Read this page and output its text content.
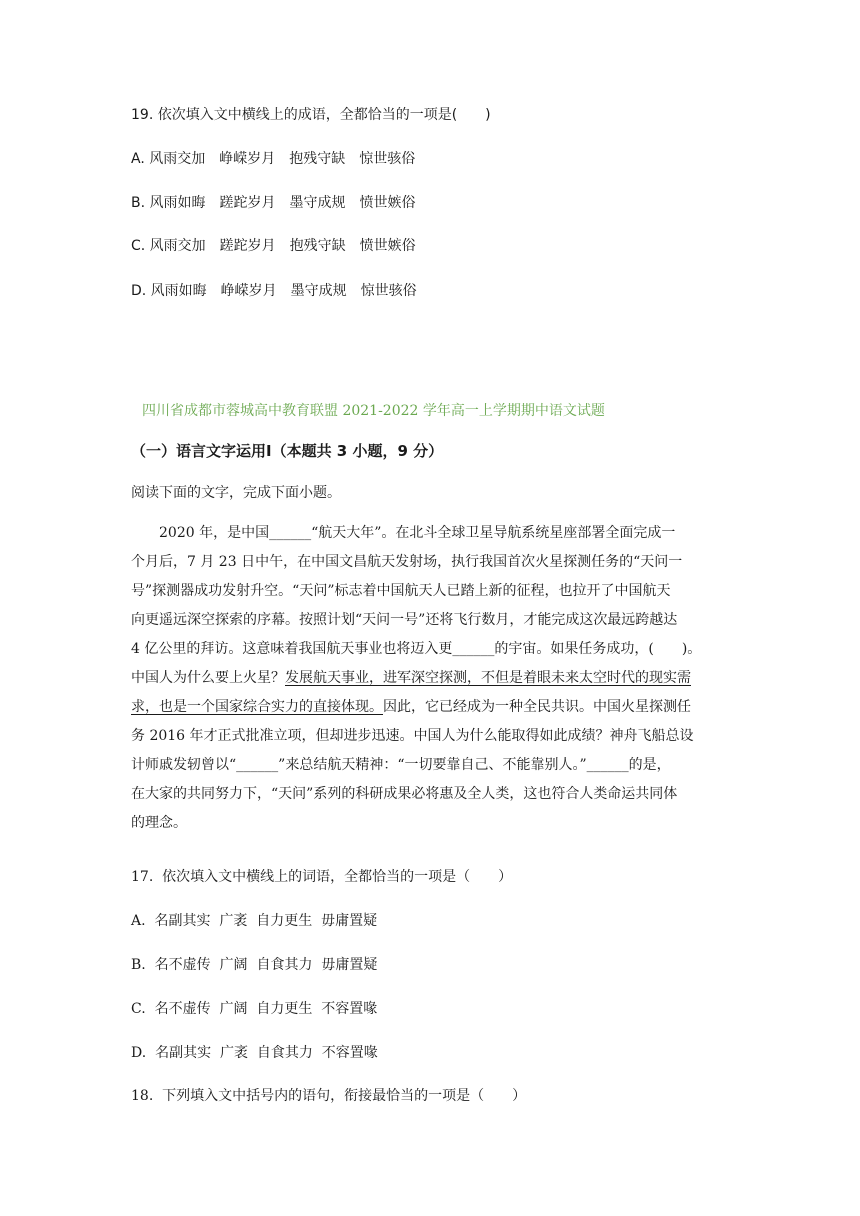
19. 依次填入文中横线上的成语，全都恰当的一项是(　　)
A. 风雨交加　峥嵘岁月　抱残守缺　惊世骇俗
B. 风雨如晦　蹉跎岁月　墨守成规　愤世嫉俗
C. 风雨交加　蹉跎岁月　抱残守缺　愤世嫉俗
D. 风雨如晦　峥嵘岁月　墨守成规　惊世骇俗
四川省成都市蓉城高中教育联盟 2021-2022 学年高一上学期期中语文试题
（一）语言文字运用Ⅰ（本题共 3 小题，9 分）
阅读下面的文字，完成下面小题。
2020 年，是中国______“航天大年”。在北斗全球卫星导航系统星座部署全面完成一
个月后，7 月 23 日中午，在中国文昌航天发射场，执行我国首次火星探测任务的“天问一
号”探测器成功发射升空。“天问”标志着中国航天人已踏上新的征程，也拉开了中国航天
向更遥远深空探索的序幕。按照计划“天问一号”还将飞行数月，才能完成这次最远跨越达
4 亿公里的拜访。这意味着我国航天事业也将迈入更______的宇宙。如果任务成功，(　　)。
中国人为什么要上火星？发展航天事业，进军深空探测，不但是着眼未来太空时代的现实需
求，也是一个国家综合实力的直接体现。因此，它已经成为一种全民共识。中国火星探测任
务 2016 年才正式批准立项，但却进步迅速。中国人为什么能取得如此成绩？神舟飞船总设
计师戚发轫曾以“______”来总结航天精神：“一切要靠自己、不能靠别人。”______的是，
在大家的共同努力下，“天问”系列的科研成果必将惠及全人类，这也符合人类命运共同体
的理念。
17.  依次填入文中横线上的词语，全都恰当的一项是（　　）
A.  名副其实  广袤  自力更生  毋庸置疑
B.  名不虚传  广阔  自食其力  毋庸置疑
C.  名不虚传  广阔  自力更生  不容置喙
D.  名副其实  广袤  自食其力  不容置喙
18.  下列填入文中括号内的语句，衔接最恰当的一项是（　　）
